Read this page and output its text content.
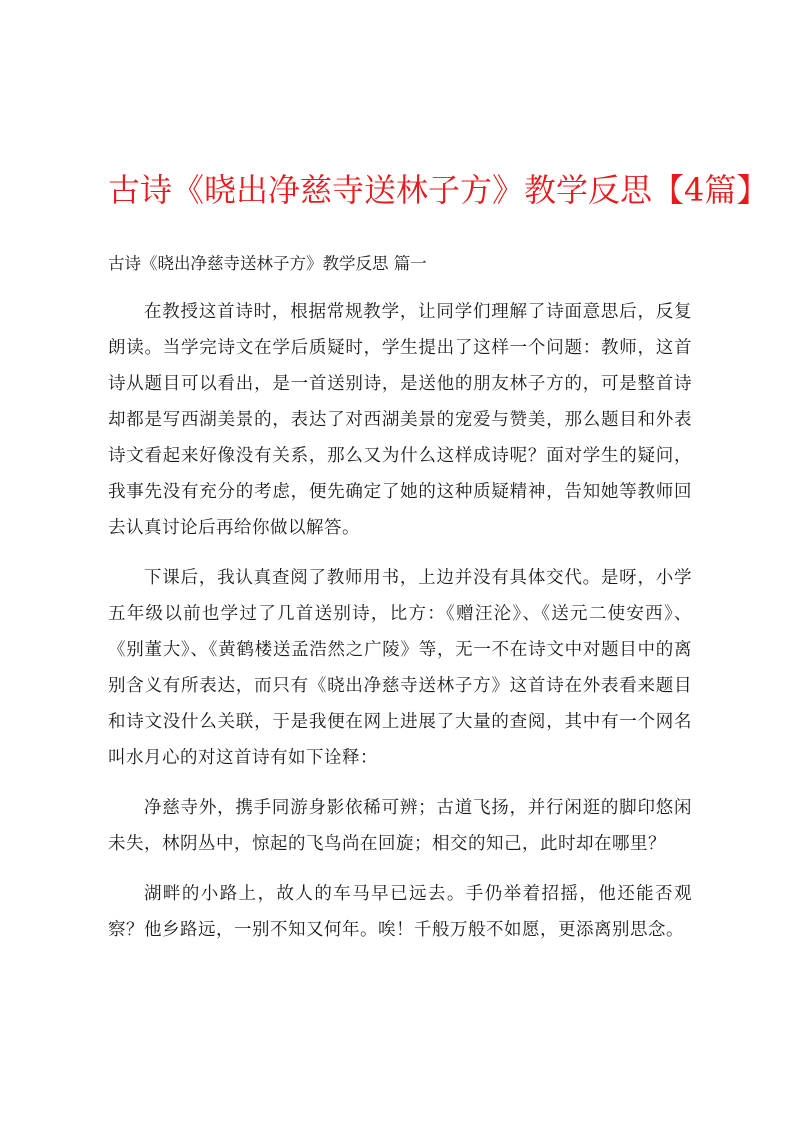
古诗《晓出净慈寺送林子方》教学反思【4篇】
古诗《晓出净慈寺送林子方》教学反思 篇一

在教授这首诗时，根据常规教学，让同学们理解了诗面意思后，反复朗读。当学完诗文在学后质疑时，学生提出了这样一个问题：教师，这首诗从题目可以看出，是一首送别诗，是送他的朋友林子方的，可是整首诗却都是写西湖美景的，表达了对西湖美景的宠爱与赞美，那么题目和外表诗文看起来好像没有关系，那么又为什么这样成诗呢？面对学生的疑问，我事先没有充分的考虑，便先确定了她的这种质疑精神，告知她等教师回去认真讨论后再给你做以解答。

下课后，我认真查阅了教师用书，上边并没有具体交代。是呀，小学五年级以前也学过了几首送别诗，比方：《赠汪沦》、《送元二使安西》、《别董大》、《黄鹤楼送孟浩然之广陵》等，无一不在诗文中对题目中的离别含义有所表达，而只有《晓出净慈寺送林子方》这首诗在外表看来题目和诗文没什么关联，于是我便在网上进展了大量的查阅，其中有一个网名叫水月心的对这首诗有如下诠释：

净慈寺外，携手同游身影依稀可辨；古道飞扬，并行闲逛的脚印悠闲未失，林阴丛中，惊起的飞鸟尚在回旋；相交的知己，此时却在哪里？

湖畔的小路上，故人的车马早已远去。手仍举着招摇，他还能否观察？他乡路远，一别不知又何年。唉！千般万般不如愿，更添离别思念。
